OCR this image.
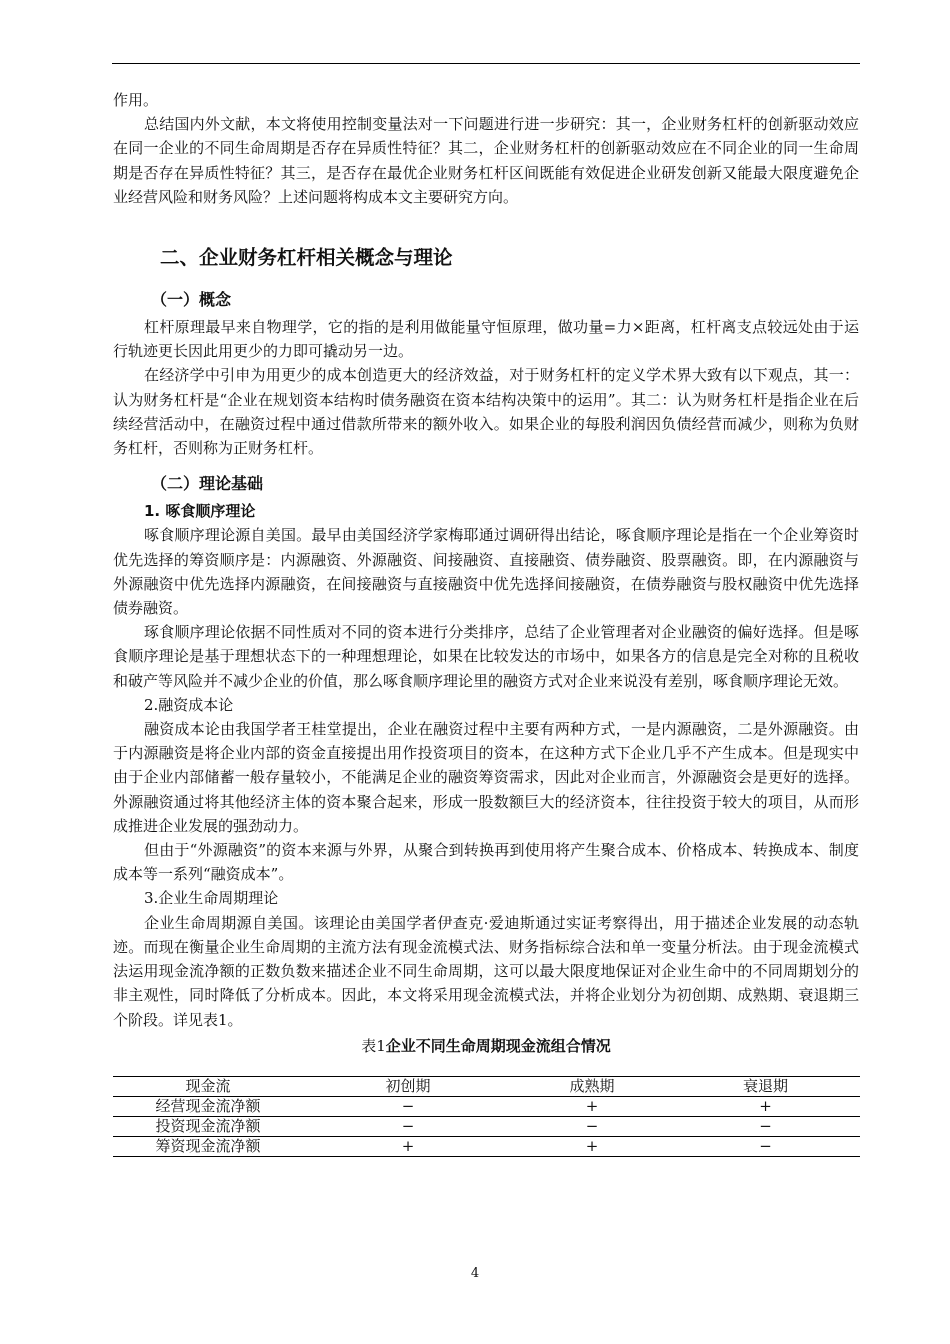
作用。

总结国内外文献，本文将使用控制变量法对一下问题进行进一步研究：其一，企业财务杠杆的创新驱动效应在同一企业的不同生命周期是否存在异质性特征？其二，企业财务杠杆的创新驱动效应在不同企业的同一生命周期是否存在异质性特征？其三，是否存在最优企业财务杠杆区间既能有效促进企业研发创新又能最大限度避免企业经营风险和财务风险？上述问题将构成本文主要研究方向。

二、企业财务杠杆相关概念与理论
（一）概念

杠杆原理最早来自物理学，它的指的是利用做能量守恒原理，做功量=力×距离，杠杆离支点较远处由于运行轨迹更长因此用更少的力即可撬动另一边。

在经济学中引申为用更少的成本创造更大的经济效益，对于财务杠杆的定义学术界大致有以下观点，其一：认为财务杠杆是“企业在规划资本结构时债务融资在资本结构决策中的运用”。其二：认为财务杠杆是指企业在后续经营活动中，在融资过程中通过借款所带来的额外收入。如果企业的每股利润因负债经营而减少，则称为负财务杠杆，否则称为正财务杠杆。

（二）理论基础

1. 啄食顺序理论

啄食顺序理论源自美国。最早由美国经济学家梅耶通过调研得出结论，啄食顺序理论是指在一个企业筹资时优先选择的筹资顺序是：内源融资、外源融资、间接融资、直接融资、债券融资、股票融资。即，在内源融资与外源融资中优先选择内源融资，在间接融资与直接融资中优先选择间接融资，在债券融资与股权融资中优先选择债券融资。

琢食顺序理论依据不同性质对不同的资本进行分类排序，总结了企业管理者对企业融资的偏好选择。但是啄食顺序理论是基于理想状态下的一种理想理论，如果在比较发达的市场中，如果各方的信息是完全对称的且税收和破产等风险并不减少企业的价值，那么啄食顺序理论里的融资方式对企业来说没有差别，啄食顺序理论无效。

2.融资成本论

融资成本论由我国学者王桂堂提出，企业在融资过程中主要有两种方式，一是内源融资，二是外源融资。由于内源融资是将企业内部的资金直接提出用作投资项目的资本，在这种方式下企业几乎不产生成本。但是现实中由于企业内部储蓄一般存量较小，不能满足企业的融资筹资需求，因此对企业而言，外源融资会是更好的选择。外源融资通过将其他经济主体的资本聚合起来，形成一股数额巨大的经济资本，往往投资于较大的项目，从而形成推进企业发展的强劲动力。

但由于“外源融资”的资本来源与外界，从聚合到转换再到使用将产生聚合成本、价格成本、转换成本、制度成本等一系列“融资成本”。

3.企业生命周期理论

企业生命周期源自美国。该理论由美国学者伊查克·爱迪斯通过实证考察得出，用于描述企业发展的动态轨迹。而现在衡量企业生命周期的主流方法有现金流模式法、财务指标综合法和单一变量分析法。由于现金流模式法运用现金流净额的正数负数来描述企业不同生命周期，这可以最大限度地保证对企业生命中的不同周期划分的非主观性，同时降低了分析成本。因此，本文将采用现金流模式法，并将企业划分为初创期、成熟期、衰退期三个阶段。详见表1。

表1企业不同生命周期现金流组合情况

现金流	初创期	成熟期	衰退期
经营现金流净额	−	+	+
投资现金流净额	−	−	−
筹资现金流净额	+	+	−
4
